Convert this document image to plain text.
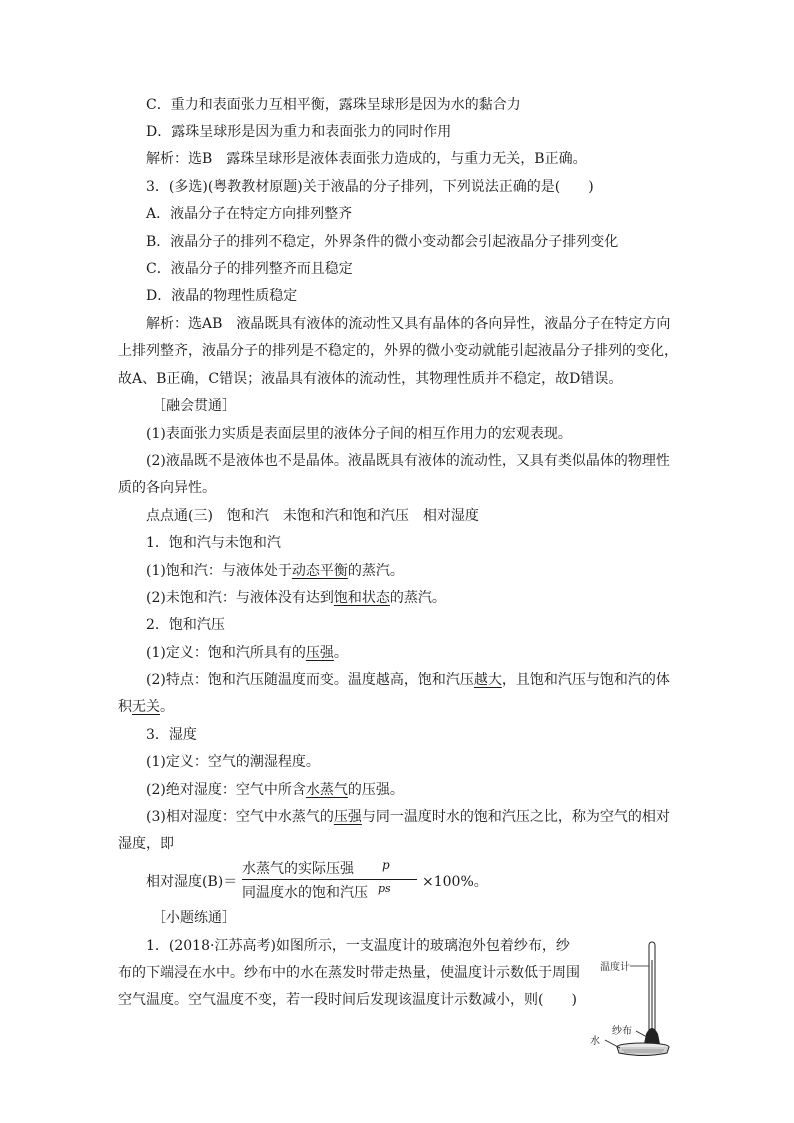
C．重力和表面张力互相平衡，露珠呈球形是因为水的黏合力
D．露珠呈球形是因为重力和表面张力的同时作用
解析：选B　露珠呈球形是液体表面张力造成的，与重力无关，B正确。
3．(多选)(粤教教材原题)关于液晶的分子排列，下列说法正确的是(　　)
A．液晶分子在特定方向排列整齐
B．液晶分子的排列不稳定，外界条件的微小变动都会引起液晶分子排列变化
C．液晶分子的排列整齐而且稳定
D．液晶的物理性质稳定
解析：选AB　液晶既具有液体的流动性又具有晶体的各向异性，液晶分子在特定方向
上排列整齐，液晶分子的排列是不稳定的，外界的微小变动就能引起液晶分子排列的变化，
故A、B正确，C错误；液晶具有液体的流动性，其物理性质并不稳定，故D错误。
［融会贯通］
(1)表面张力实质是表面层里的液体分子间的相互作用力的宏观表现。
(2)液晶既不是液体也不是晶体。液晶既具有液体的流动性，又具有类似晶体的物理性
质的各向异性。
点点通(三)　饱和汽　未饱和汽和饱和汽压　相对湿度
1．饱和汽与未饱和汽
(1)饱和汽：与液体处于动态平衡的蒸汽。
(2)未饱和汽：与液体没有达到饱和状态的蒸汽。
2．饱和汽压
(1)定义：饱和汽所具有的压强。
(2)特点：饱和汽压随温度而变。温度越高，饱和汽压越大，且饱和汽压与饱和汽的体
积无关。
3．湿度
(1)定义：空气的潮湿程度。
(2)绝对湿度：空气中所含水蒸气的压强。
(3)相对湿度：空气中水蒸气的压强与同一温度时水的饱和汽压之比，称为空气的相对
湿度，即
相对湿度(B)＝
水蒸气的实际压强 p
同温度水的饱和汽压 ps ×100%。
［小题练通］
1．(2018·江苏高考)如图所示，一支温度计的玻璃泡外包着纱布，纱
布的下端浸在水中。纱布中的水在蒸发时带走热量，使温度计示数低于周围
空气温度。空气温度不变，若一段时间后发现该温度计示数减小，则(　　)
温度计
纱布
水
